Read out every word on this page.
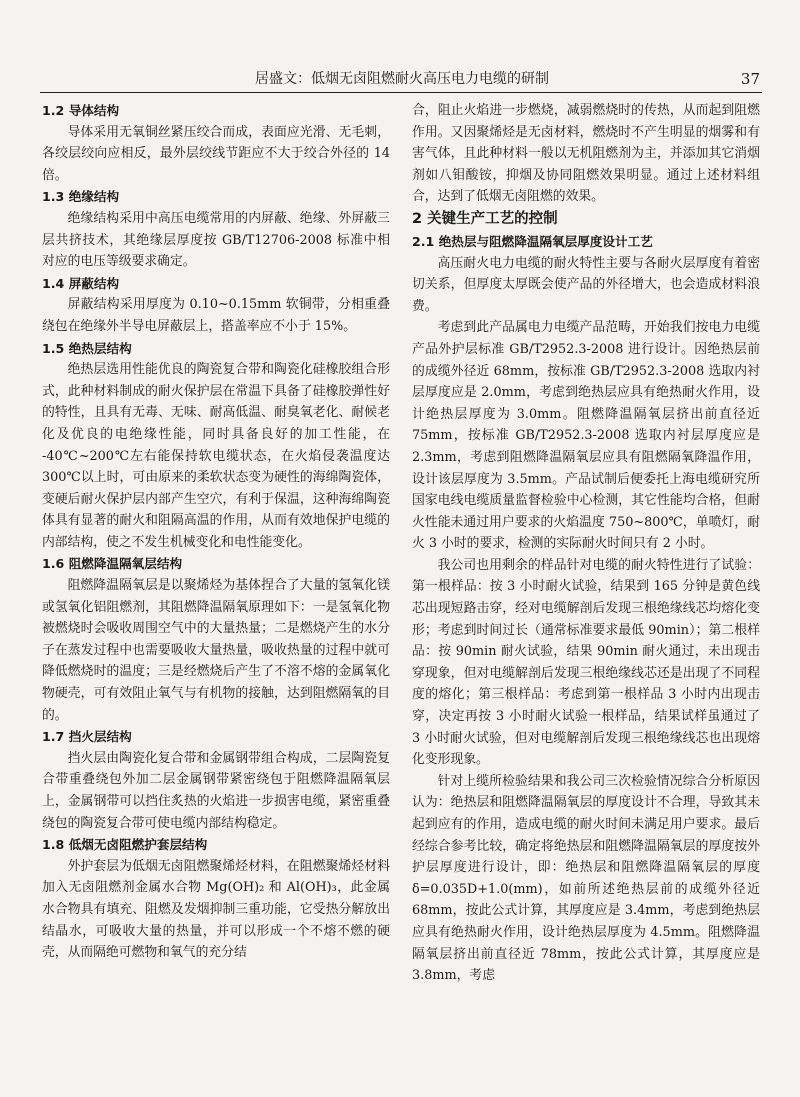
居盛文：低烟无卤阻燃耐火高压电力电缆的研制	37
1.2 导体结构

导体采用无氧铜丝紧压绞合而成，表面应光滑、无毛刺，各绞层绞向应相反，最外层绞线节距应不大于绞合外径的 14 倍。

1.3 绝缘结构

绝缘结构采用中高压电缆常用的内屏蔽、绝缘、外屏蔽三层共挤技术，其绝缘层厚度按 GB/T12706-2008 标准中相对应的电压等级要求确定。

1.4 屏蔽结构

屏蔽结构采用厚度为 0.10~0.15mm 软铜带，分相重叠绕包在绝缘外半导电屏蔽层上，搭盖率应不小于 15%。

1.5 绝热层结构

绝热层选用性能优良的陶瓷复合带和陶瓷化硅橡胶组合形式，此种材料制成的耐火保护层在常温下具备了硅橡胶弹性好的特性，且具有无毒、无味、耐高低温、耐臭氧老化、耐候老化及优良的电绝缘性能，同时具备良好的加工性能，在 -40℃~200℃左右能保持软电缆状态，在火焰侵袭温度达 300℃以上时，可由原来的柔软状态变为硬性的海绵陶瓷体，变硬后耐火保护层内部产生空穴，有利于保温，这种海绵陶瓷体具有显著的耐火和阻隔高温的作用，从而有效地保护电缆的内部结构，使之不发生机械变化和电性能变化。

1.6 阻燃降温隔氧层结构

阻燃降温隔氧层是以聚烯烃为基体捏合了大量的氢氧化镁或氢氧化铝阻燃剂，其阻燃降温隔氧原理如下：一是氢氧化物被燃烧时会吸收周围空气中的大量热量；二是燃烧产生的水分子在蒸发过程中也需要吸收大量热量，吸收热量的过程中就可降低燃烧时的温度；三是经燃烧后产生了不溶不熔的金属氧化物硬壳，可有效阻止氧气与有机物的接触，达到阻燃隔氧的目的。

1.7 挡火层结构

挡火层由陶瓷化复合带和金属钢带组合构成，二层陶瓷复合带重叠绕包外加二层金属钢带紧密绕包于阻燃降温隔氧层上，金属钢带可以挡住炙热的火焰进一步损害电缆，紧密重叠绕包的陶瓷复合带可使电缆内部结构稳定。

1.8 低烟无卤阻燃护套层结构

外护套层为低烟无卤阻燃聚烯烃材料，在阻燃聚烯烃材料加入无卤阻燃剂金属水合物 Mg(OH)₂ 和 Al(OH)₃，此金属水合物具有填充、阻燃及发烟抑制三重功能，它受热分解放出结晶水，可吸收大量的热量，并可以形成一个不熔不燃的硬壳，从而隔绝可燃物和氧气的充分结

合，阻止火焰进一步燃烧，减弱燃烧时的传热，从而起到阻燃作用。又因聚烯烃是无卤材料，燃烧时不产生明显的烟雾和有害气体，且此种材料一般以无机阻燃剂为主，并添加其它消烟剂如八钼酸铵，抑烟及协同阻燃效果明显。通过上述材料组合，达到了低烟无卤阻燃的效果。

2 关键生产工艺的控制
2.1 绝热层与阻燃降温隔氧层厚度设计工艺

高压耐火电力电缆的耐火特性主要与各耐火层厚度有着密切关系，但厚度太厚既会使产品的外径增大，也会造成材料浪费。

考虑到此产品属电力电缆产品范畴，开始我们按电力电缆产品外护层标准 GB/T2952.3-2008 进行设计。因绝热层前的成缆外径近 68mm，按标准 GB/T2952.3-2008 选取内衬层厚度应是 2.0mm，考虑到绝热层应具有绝热耐火作用，设计绝热层厚度为 3.0mm。阻燃降温隔氧层挤出前直径近 75mm，按标准 GB/T2952.3-2008 选取内衬层厚度应是 2.3mm，考虑到阻燃降温隔氧层应具有阻燃隔氧降温作用，设计该层厚度为 3.5mm。产品试制后便委托上海电缆研究所国家电线电缆质量监督检验中心检测，其它性能均合格，但耐火性能未通过用户要求的火焰温度 750~800℃，单喷灯，耐火 3 小时的要求，检测的实际耐火时间只有 2 小时。

我公司也用剩余的样品针对电缆的耐火特性进行了试验：第一根样品：按 3 小时耐火试验，结果到 165 分钟是黄色线芯出现短路击穿，经对电缆解剖后发现三根绝缘线芯均熔化变形；考虑到时间过长（通常标准要求最低 90min）；第二根样品：按 90min 耐火试验，结果 90min 耐火通过，未出现击穿现象，但对电缆解剖后发现三根绝缘线芯还是出现了不同程度的熔化；第三根样品：考虑到第一根样品 3 小时内出现击穿，决定再按 3 小时耐火试验一根样品，结果试样虽通过了 3 小时耐火试验，但对电缆解剖后发现三根绝缘线芯也出现熔化变形现象。

针对上缆所检验结果和我公司三次检验情况综合分析原因认为：绝热层和阻燃降温隔氧层的厚度设计不合理，导致其未起到应有的作用，造成电缆的耐火时间未满足用户要求。最后经综合参考比较，确定将绝热层和阻燃降温隔氧层的厚度按外护层厚度进行设计，即：绝热层和阻燃降温隔氧层的厚度 δ=0.035D+1.0(mm)，如前所述绝热层前的成缆外径近 68mm，按此公式计算，其厚度应是 3.4mm，考虑到绝热层应具有绝热耐火作用，设计绝热层厚度为 4.5mm。阻燃降温隔氧层挤出前直径近 78mm，按此公式计算，其厚度应是 3.8mm，考虑
